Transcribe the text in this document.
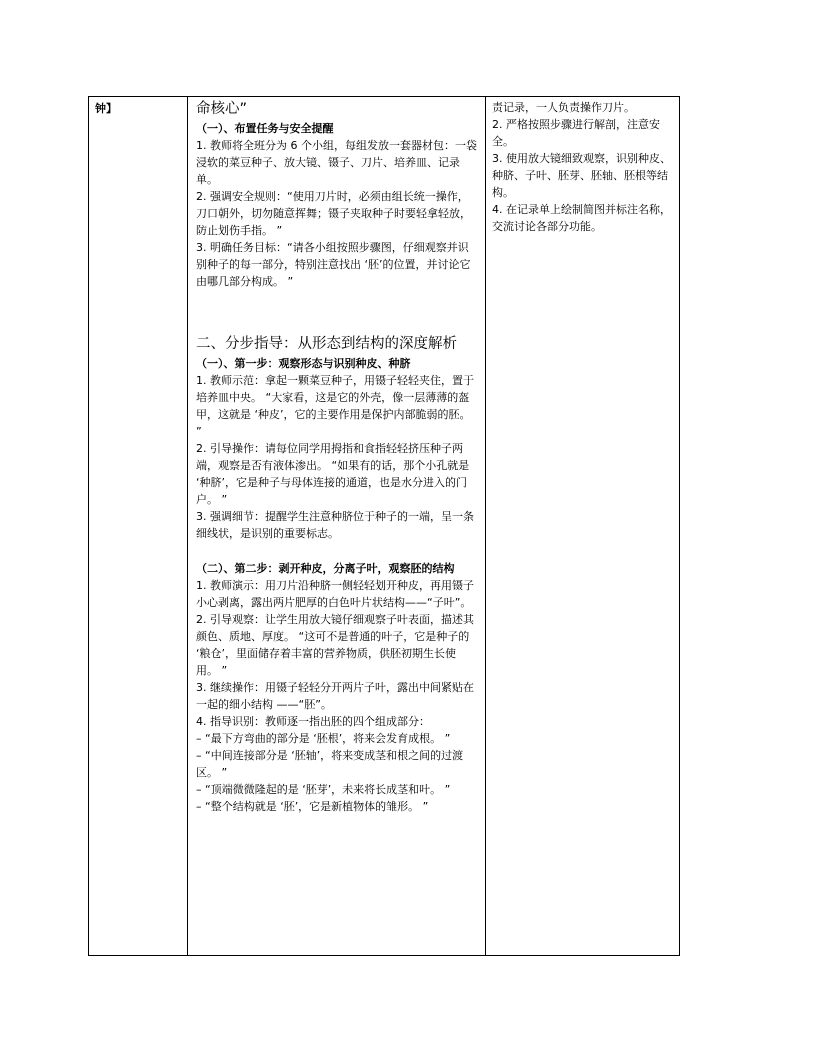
钟】	命核心”

（一）、布置任务与安全提醒

1. 教师将全班分为 6 个小组，每组发放一套器材包：一袋浸软的菜豆种子、放大镜、镊子、刀片、培养皿、记录单。

2. 强调安全规则：“使用刀片时，必须由组长统一操作，刀口朝外，切勿随意挥舞；镊子夹取种子时要轻拿轻放，防止划伤手指。 ”

3. 明确任务目标：“请各小组按照步骤图，仔细观察并识别种子的每一部分，特别注意找出 ‘胚’的位置，并讨论它由哪几部分构成。 ”

二、分步指导：从形态到结构的深度解析

（一）、第一步：观察形态与识别种皮、种脐

1. 教师示范：拿起一颗菜豆种子，用镊子轻轻夹住，置于培养皿中央。 “大家看，这是它的外壳，像一层薄薄的盔甲，这就是 ‘种皮’，它的主要作用是保护内部脆弱的胚。 ”

2. 引导操作：请每位同学用拇指和食指轻轻挤压种子两端，观察是否有液体渗出。 “如果有的话，那个小孔就是 ‘种脐’，它是种子与母体连接的通道，也是水分进入的门户。 ”

3. 强调细节：提醒学生注意种脐位于种子的一端，呈一条细线状，是识别的重要标志。

（二）、第二步：剥开种皮，分离子叶，观察胚的结构

1. 教师演示：用刀片沿种脐一侧轻轻划开种皮，再用镊子小心剥离，露出两片肥厚的白色叶片状结构——“子叶”。

2. 引导观察：让学生用放大镜仔细观察子叶表面，描述其颜色、质地、厚度。 “这可不是普通的叶子，它是种子的 ‘粮仓’，里面储存着丰富的营养物质，供胚初期生长使用。 ”

3. 继续操作：用镊子轻轻分开两片子叶，露出中间紧贴在一起的细小结构 ——“胚”。

4. 指导识别：教师逐一指出胚的四个组成部分：

– “最下方弯曲的部分是 ‘胚根’，将来会发育成根。 ”

– “中间连接部分是 ‘胚轴’，将来变成茎和根之间的过渡区。 ”

– “顶端微微隆起的是 ‘胚芽’，未来将长成茎和叶。 ”

– “整个结构就是 ‘胚’，它是新植物体的雏形。 ”

责记录，一人负责操作刀片。

2. 严格按照步骤进行解剖，注意安全。

3. 使用放大镜细致观察，识别种皮、种脐、子叶、胚芽、胚轴、胚根等结构。

4. 在记录单上绘制简图并标注名称，交流讨论各部分功能。
